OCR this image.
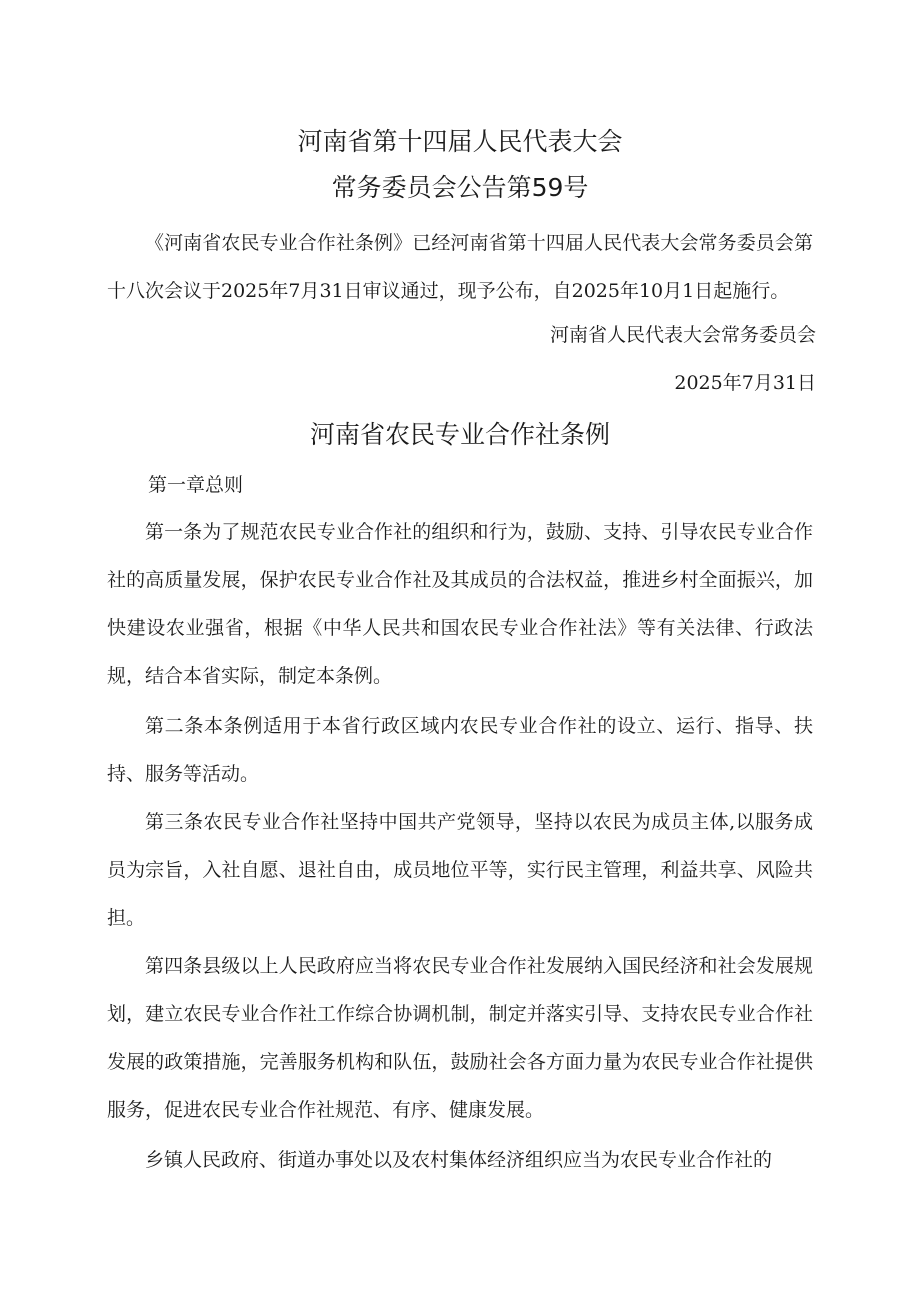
河南省第十四届人民代表大会
常务委员会公告第59号
《河南省农民专业合作社条例》已经河南省第十四届人民代表大会常务委员会第十八次会议于2025年7月31日审议通过，现予公布，自2025年10月1日起施行。
河南省人民代表大会常务委员会
2025年7月31日
河南省农民专业合作社条例
第一章总则
第一条为了规范农民专业合作社的组织和行为，鼓励、支持、引导农民专业合作社的高质量发展，保护农民专业合作社及其成员的合法权益，推进乡村全面振兴，加快建设农业强省，根据《中华人民共和国农民专业合作社法》等有关法律、行政法规，结合本省实际，制定本条例。
第二条本条例适用于本省行政区域内农民专业合作社的设立、运行、指导、扶持、服务等活动。
第三条农民专业合作社坚持中国共产党领导，坚持以农民为成员主体,以服务成员为宗旨，入社自愿、退社自由，成员地位平等，实行民主管理，利益共享、风险共担。
第四条县级以上人民政府应当将农民专业合作社发展纳入国民经济和社会发展规划，建立农民专业合作社工作综合协调机制，制定并落实引导、支持农民专业合作社发展的政策措施，完善服务机构和队伍，鼓励社会各方面力量为农民专业合作社提供服务，促进农民专业合作社规范、有序、健康发展。
乡镇人民政府、街道办事处以及农村集体经济组织应当为农民专业合作社的
